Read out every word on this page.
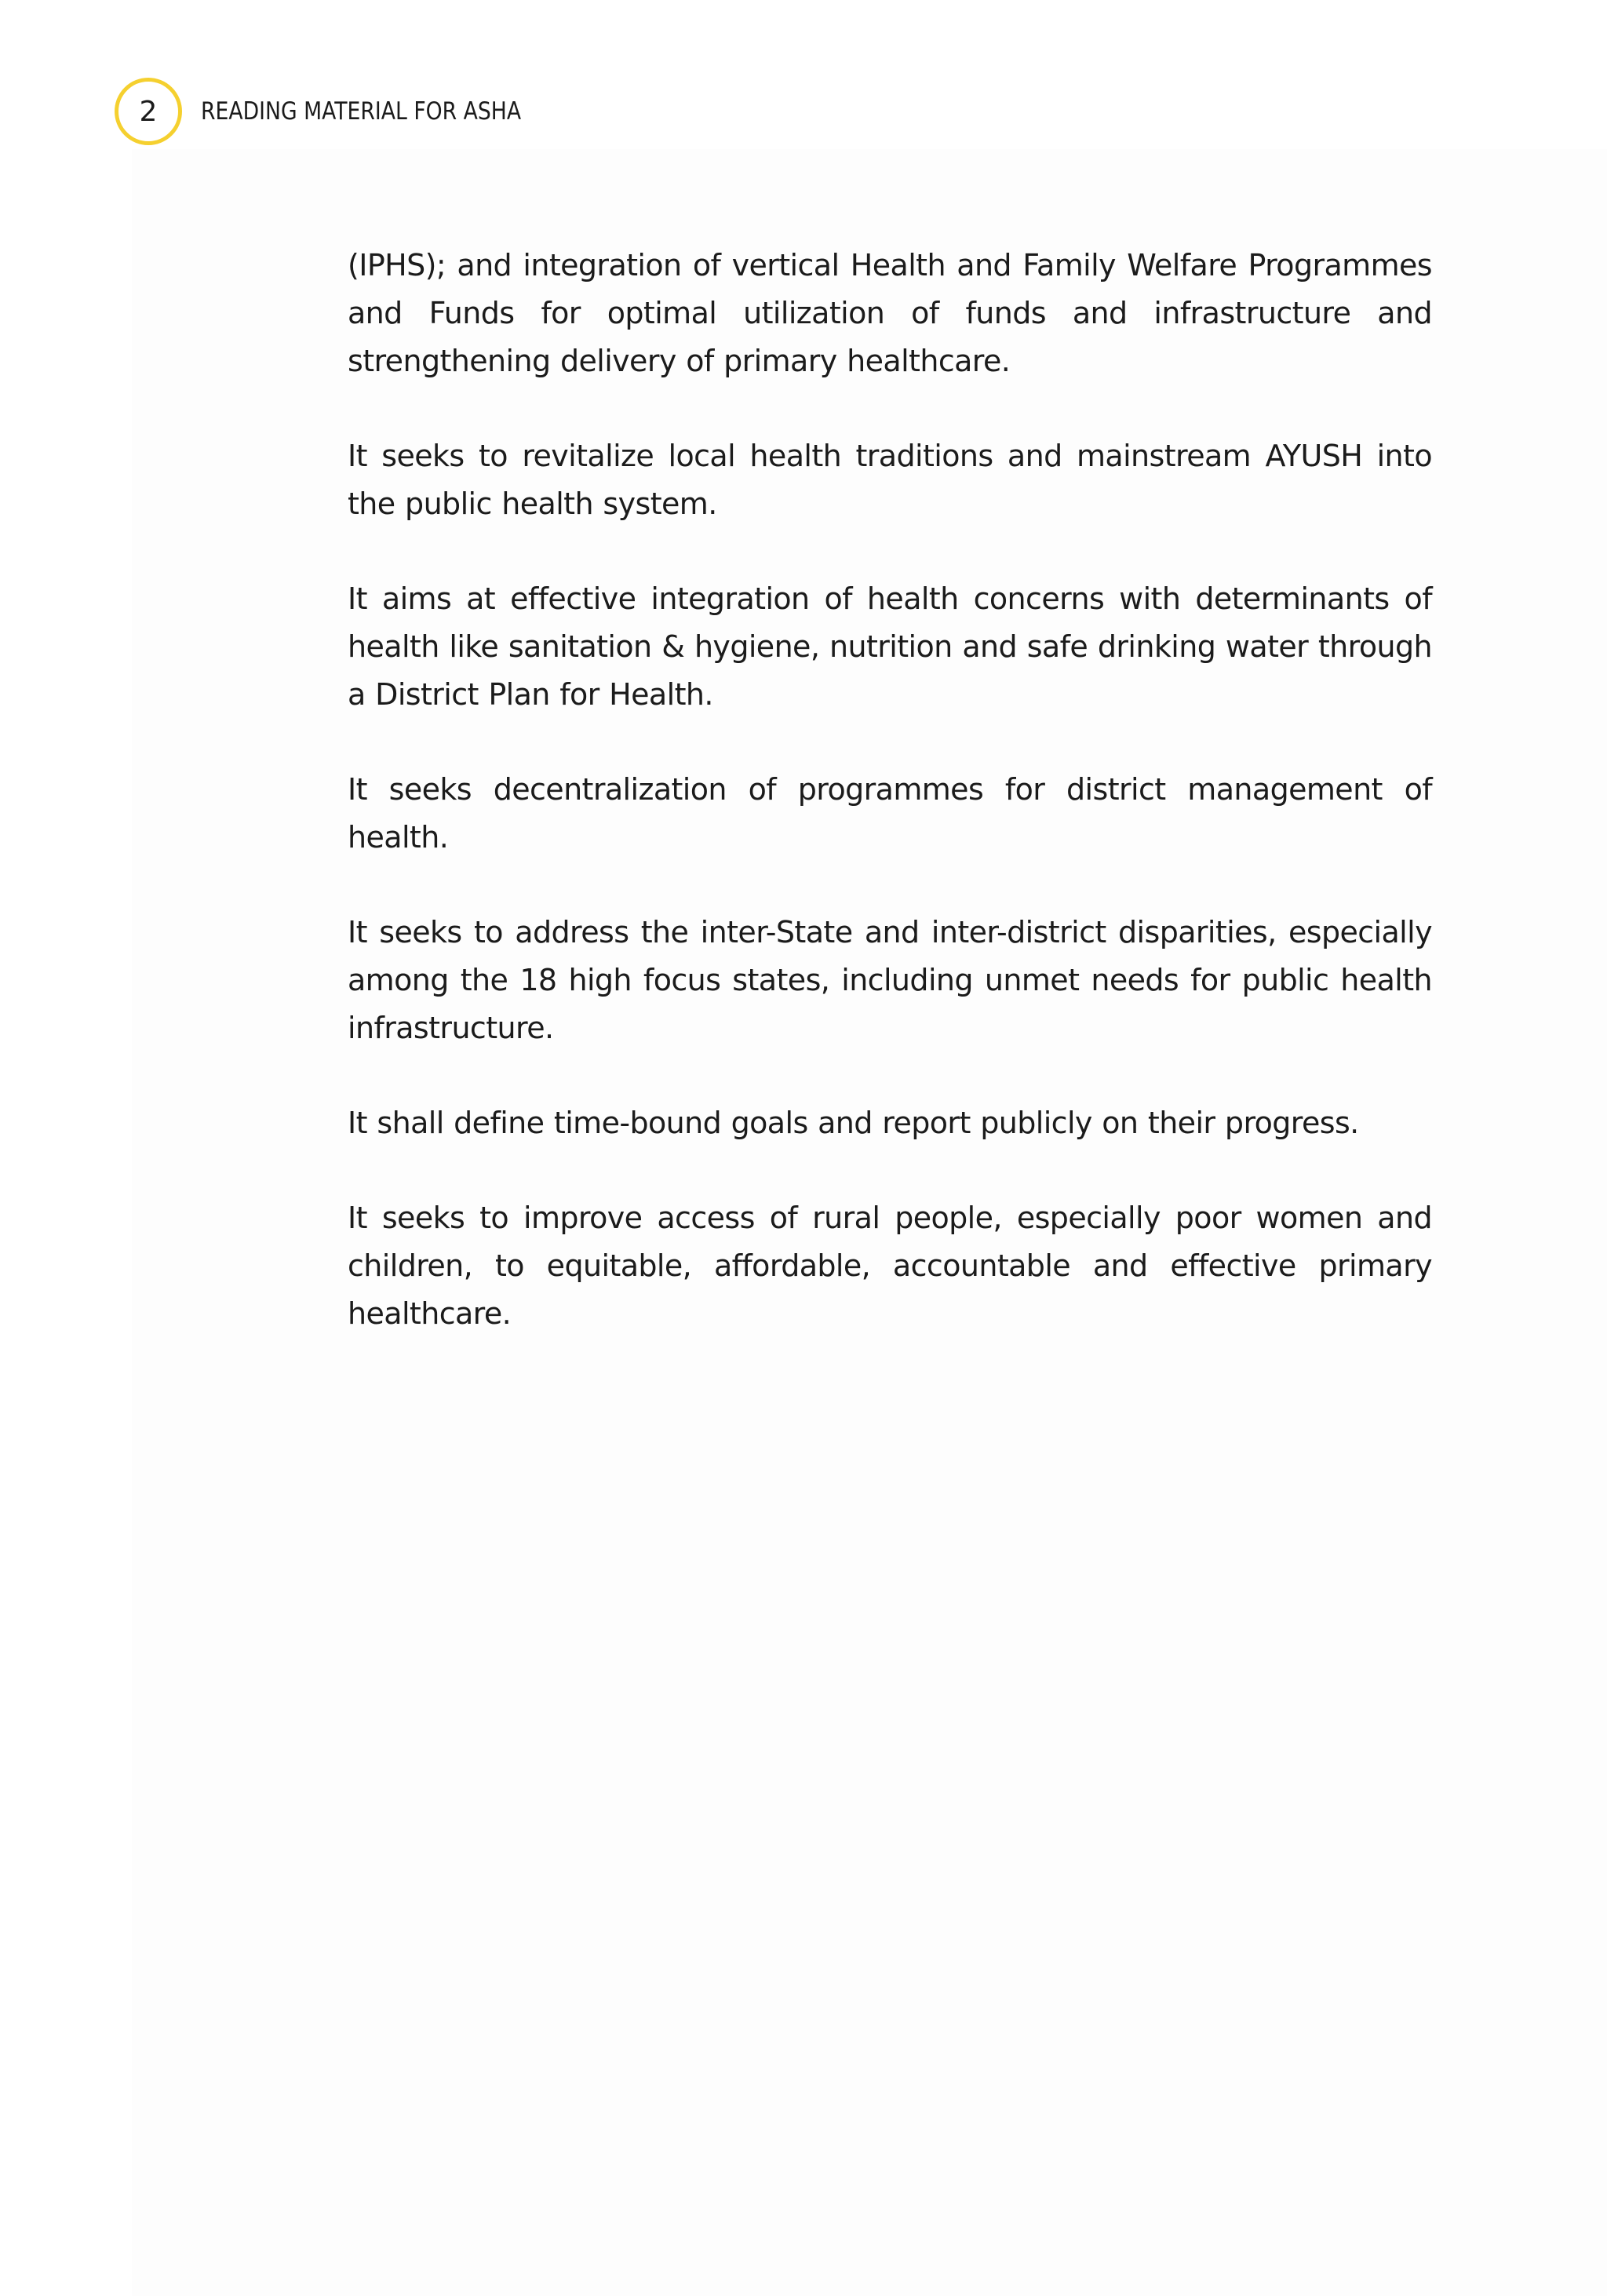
2	READING MATERIAL FOR ASHA

(IPHS); and integration of vertical Health and Family Welfare Programmes and Funds for optimal utilization of funds and infrastructure and strengthening delivery of primary healthcare.

It seeks to revitalize local health traditions and mainstream AYUSH into the public health system.

It aims at effective integration of health concerns with determinants of health like sanitation & hygiene, nutrition and safe drinking water through a District Plan for Health.

It seeks decentralization of programmes for district management of health.

It seeks to address the inter-State and inter-district disparities, especially among the 18 high focus states, including unmet needs for public health infrastructure.

It shall define time-bound goals and report publicly on their progress.

It seeks to improve access of rural people, especially poor women and children, to equitable, affordable, accountable and effective primary healthcare.
